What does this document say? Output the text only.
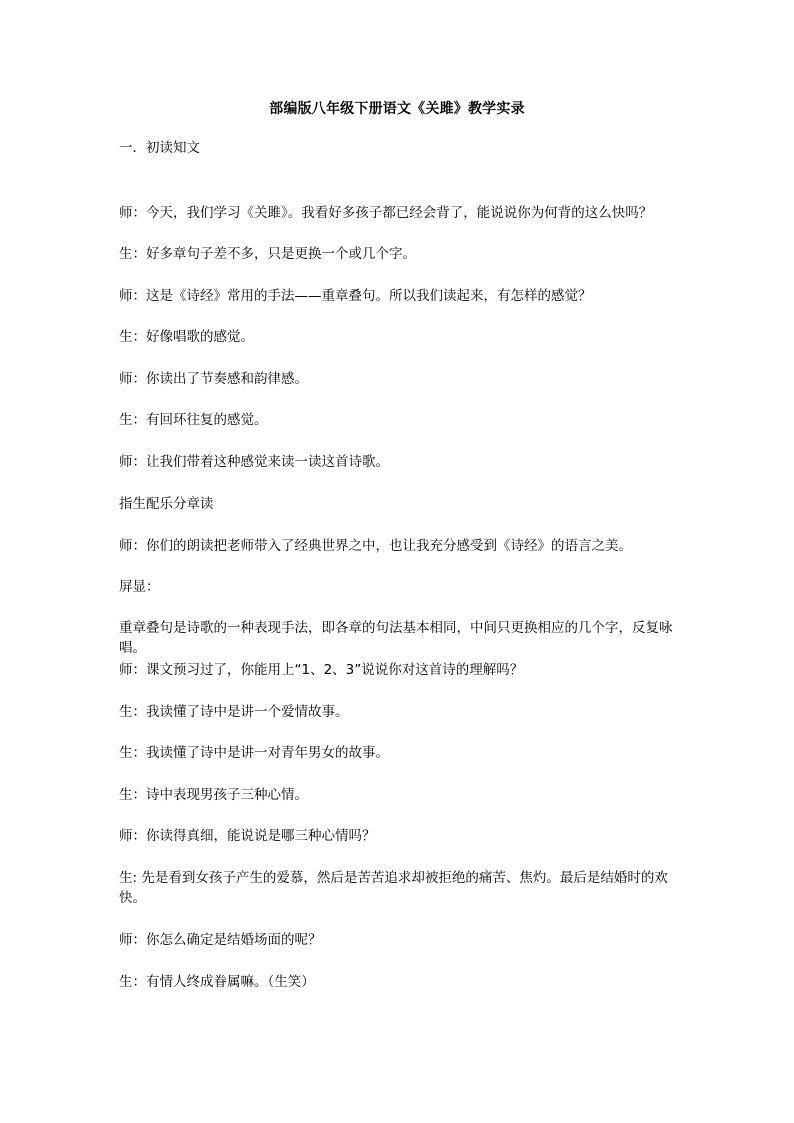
部编版八年级下册语文《关雎》教学实录
一．初读知文
师：今天，我们学习《关雎》。我看好多孩子都已经会背了，能说说你为何背的这么快吗？
生：好多章句子差不多，只是更换一个或几个字。
师：这是《诗经》常用的手法——重章叠句。所以我们读起来，有怎样的感觉？
生：好像唱歌的感觉。
师：你读出了节奏感和韵律感。
生：有回环往复的感觉。
师：让我们带着这种感觉来读一读这首诗歌。
指生配乐分章读
师：你们的朗读把老师带入了经典世界之中，也让我充分感受到《诗经》的语言之美。
屏显：
重章叠句是诗歌的一种表现手法，即各章的句法基本相同，中间只更换相应的几个字，反复咏唱。
师：课文预习过了，你能用上“1、2、3”说说你对这首诗的理解吗？
生：我读懂了诗中是讲一个爱情故事。
生：我读懂了诗中是讲一对青年男女的故事。
生：诗中表现男孩子三种心情。
师：你读得真细，能说说是哪三种心情吗？
生: 先是看到女孩子产生的爱慕，然后是苦苦追求却被拒绝的痛苦、焦灼。最后是结婚时的欢快。
师：你怎么确定是结婚场面的呢？
生：有情人终成眷属嘛。（生笑）
